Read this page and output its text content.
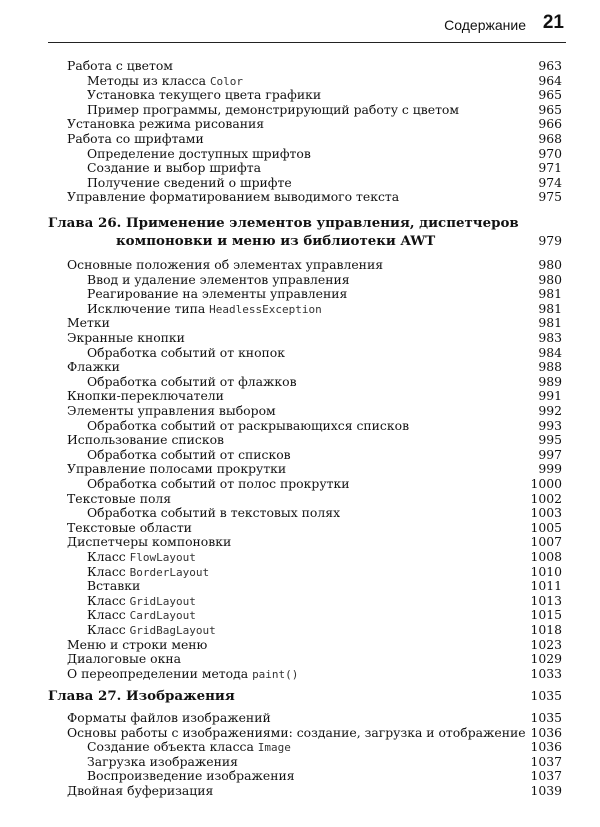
Содержание 21
Работа с цветом	963
Методы из класса Color	964
Установка текущего цвета графики	965
Пример программы, демонстрирующий работу с цветом	965
Установка режима рисования	966
Работа со шрифтами	968
Определение доступных шрифтов	970
Создание и выбор шрифта	971
Получение сведений о шрифте	974
Управление форматированием выводимого текста	975
Глава 26. Применение элементов управления, диспетчеров
компоновки и меню из библиотеки AWT	979
Основные положения об элементах управления	980
Ввод и удаление элементов управления	980
Реагирование на элементы управления	981
Исключение типа HeadlessException	981
Метки	981
Экранные кнопки	983
Обработка событий от кнопок	984
Флажки	988
Обработка событий от флажков	989
Кнопки-переключатели	991
Элементы управления выбором	992
Обработка событий от раскрывающихся списков	993
Использование списков	995
Обработка событий от списков	997
Управление полосами прокрутки	999
Обработка событий от полос прокрутки	1000
Текстовые поля	1002
Обработка событий в текстовых полях	1003
Текстовые области	1005
Диспетчеры компоновки	1007
Класс FlowLayout	1008
Класс BorderLayout	1010
Вставки	1011
Класс GridLayout	1013
Класс CardLayout	1015
Класс GridBagLayout	1018
Меню и строки меню	1023
Диалоговые окна	1029
О переопределении метода paint()	1033
Глава 27. Изображения	1035
Форматы файлов изображений	1035
Основы работы с изображениями: создание, загрузка и отображение 1036
Создание объекта класса Image	1036
Загрузка изображения	1037
Воспроизведение изображения	1037
Двойная буферизация	1039
